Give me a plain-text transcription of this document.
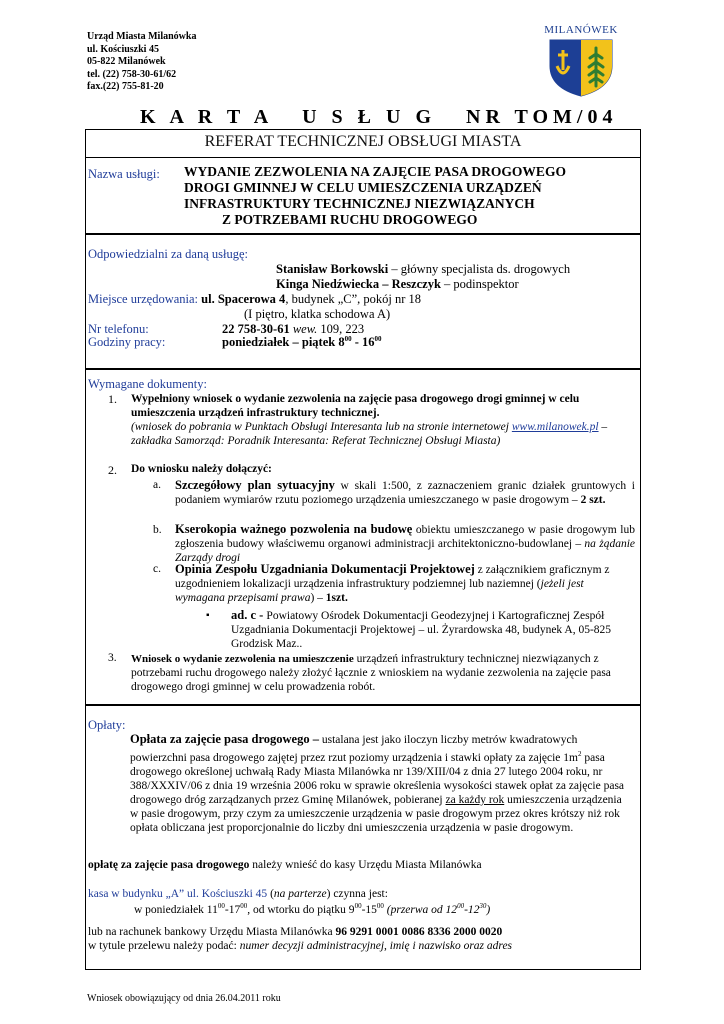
Urząd Miasta Milanówka
ul. Kościuszki 45
05-822 Milanówek
tel. (22) 758-30-61/62
fax.(22) 755-81-20
MILANÓWEK
K A R T A   U S Ł U G   NR TOM/04
REFERAT TECHNICZNEJ OBSŁUGI MIASTA
Nazwa usługi: WYDANIE ZEZWOLENIA NA ZAJĘCIE PASA DROGOWEGO
DROGI GMINNEJ W CELU UMIESZCZENIA URZĄDZEŃ
INFRASTRUKTURY TECHNICZNEJ NIEZWIĄZANYCH
Z POTRZEBAMI RUCHU DROGOWEGO
Odpowiedzialni za daną usługę:
Stanisław Borkowski – główny specjalista ds. drogowych
Kinga Niedźwiecka – Reszczyk – podinspektor
Miejsce urzędowania: ul. Spacerowa 4, budynek „C”, pokój nr 18
(I piętro, klatka schodowa A)
Nr telefonu:	22 758-30-61 wew. 109, 223
Godziny pracy:	poniedziałek – piątek $8^{00} - 16^{00}$
Wymagane dokumenty:
1.	Wypełniony wniosek o wydanie zezwolenia na zajęcie pasa drogowego drogi gminnej w celu umieszczenia urządzeń infrastruktury technicznej.
(wniosek do pobrania w Punktach Obsługi Interesanta lub na stronie internetowej www.milanowek.pl – zakładka Samorząd: Poradnik Interesanta: Referat Technicznej Obsługi Miasta)
2. Do wniosku należy dołączyć:
a. Szczegółowy plan sytuacyjny w skali 1:500, z zaznaczeniem granic działek gruntowych i podaniem wymiarów rzutu poziomego urządzenia umieszczanego w pasie drogowym – 2 szt.
b. Kserokopia ważnego pozwolenia na budowę obiektu umieszczanego w pasie drogowym lub zgłoszenia budowy właściwemu organowi administracji architektoniczno-budowlanej – na żądanie Zarządy drogi
c. Opinia Zespołu Uzgadniania Dokumentacji Projektowej z załącznikiem graficznym z uzgodnieniem lokalizacji urządzenia infrastruktury podziemnej lub naziemnej (jeżeli jest wymagana przepisami prawa) – 1szt.
▪ ad. c - Powiatowy Ośrodek Dokumentacji Geodezyjnej i Kartograficznej Zespół Uzgadniania Dokumentacji Projektowej – ul. Żyrardowska 48, budynek A, 05-825 Grodzisk Maz..
3. Wniosek o wydanie zezwolenia na umieszczenie urządzeń infrastruktury technicznej niezwiązanych z potrzebami ruchu drogowego należy złożyć łącznie z wnioskiem na wydanie zezwolenia na zajęcie pasa drogowego drogi gminnej w celu prowadzenia robót.
Opłaty:
Opłata za zajęcie pasa drogowego – ustalana jest jako iloczyn liczby metrów kwadratowych powierzchni pasa drogowego zajętej przez rzut poziomy urządzenia i stawki opłaty za zajęcie $1m^2$ pasa drogowego określonej uchwałą Rady Miasta Milanówka nr 139/XIII/04 z dnia 27 lutego 2004 roku, nr 388/XXXIV/06 z dnia 19 września 2006 roku w sprawie określenia wysokości stawek opłat za zajęcie pasa drogowego dróg zarządzanych przez Gminę Milanówek, pobieranej za każdy rok umieszczenia urządzenia w pasie drogowym, przy czym za umieszczenie urządzenia w pasie drogowym przez okres krótszy niż rok opłata obliczana jest proporcjonalnie do liczby dni umieszczenia urządzenia w pasie drogowym.
opłatę za zajęcie pasa drogowego należy wnieść do kasy Urzędu Miasta Milanówka
kasa w budynku „A” ul. Kościuszki 45 (na parterze) czynna jest:
w poniedziałek $11^{00}-17^{00}$, od wtorku do piątku $9^{00}-15^{00}$ (przerwa od $12^{00}-12^{30}$)
lub na rachunek bankowy Urzędu Miasta Milanówka 96 9291 0001 0086 8336 2000 0020
w tytule przelewu należy podać: numer decyzji administracyjnej, imię i nazwisko oraz adres
Wniosek obowiązujący od dnia 26.04.2011 roku
